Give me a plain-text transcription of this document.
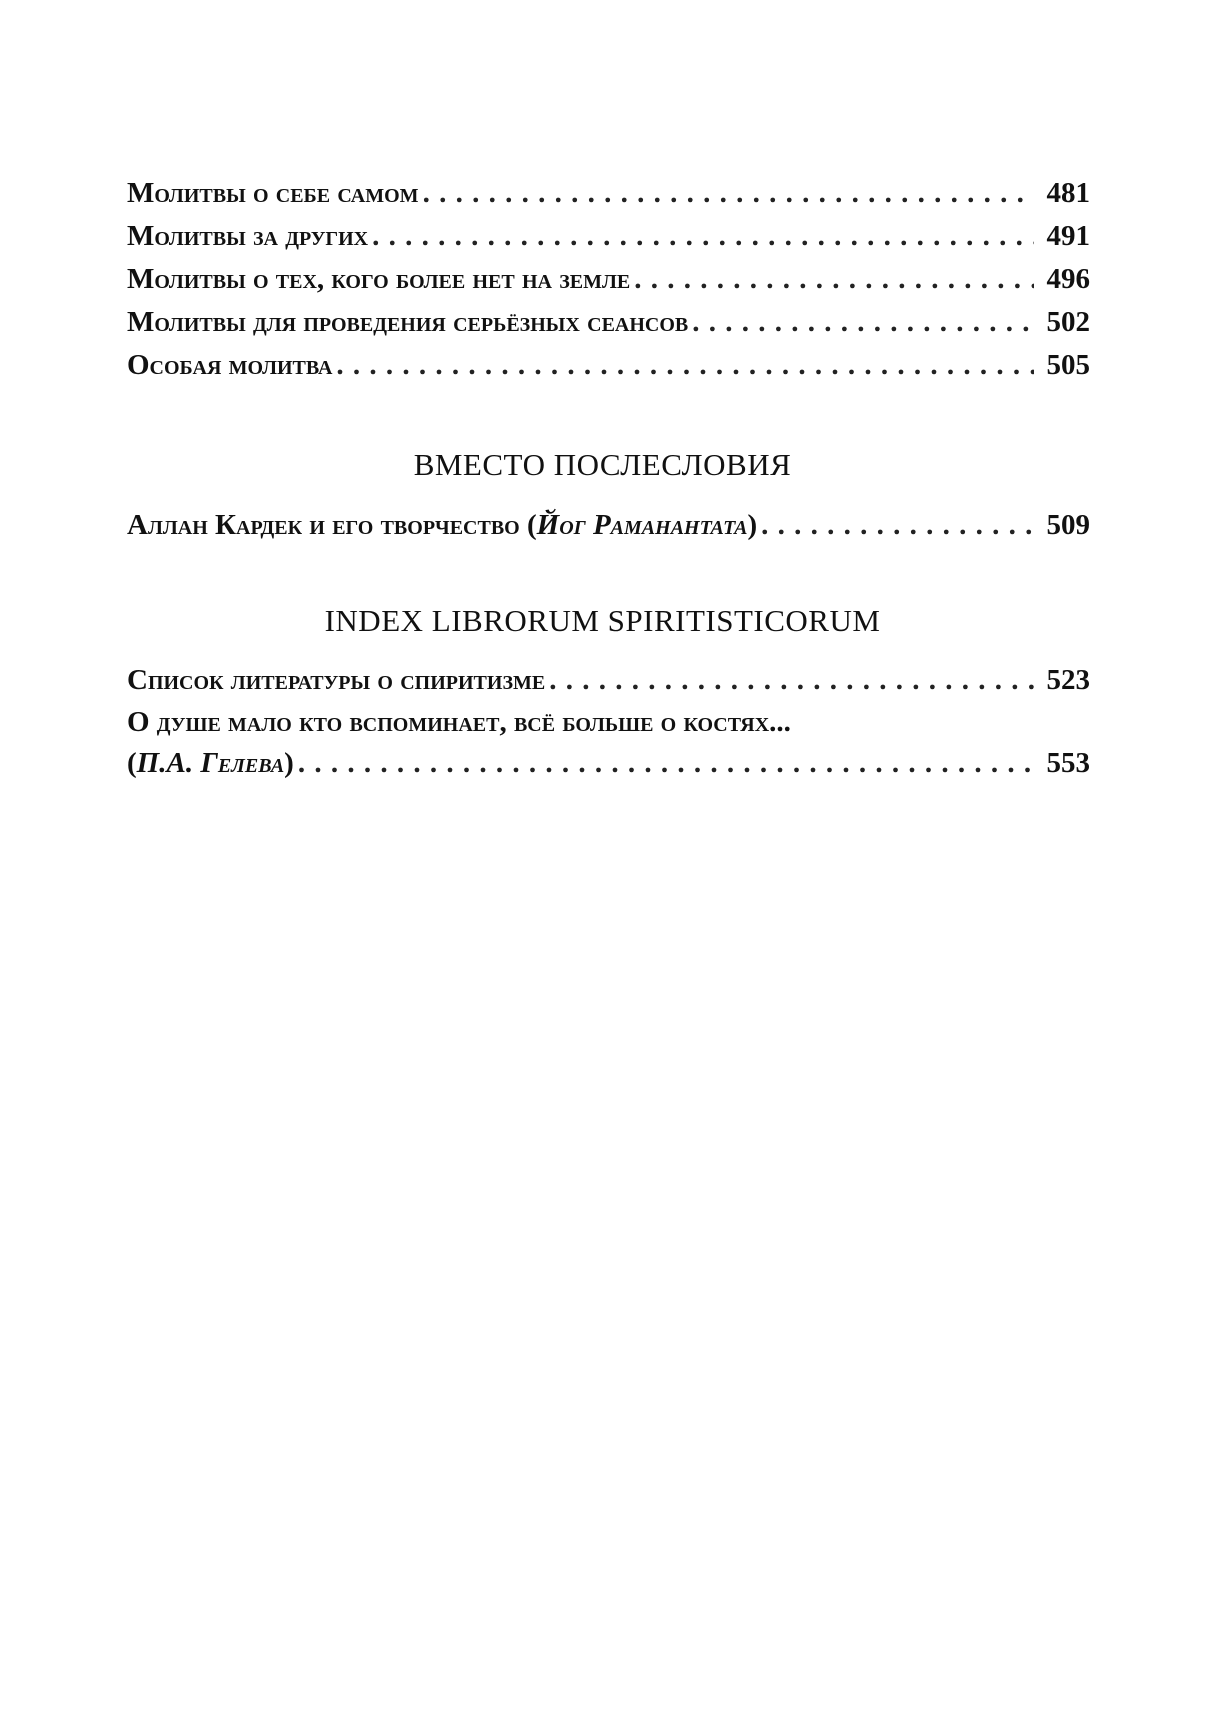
Молитвы о себе самом . . .	481
Молитвы за других . . .	491
Молитвы о тех, кого более нет на земле . . .	496
Молитвы для проведения серьёзных сеансов . . .	502
Особая молитва . . .	505
ВМЕСТО ПОСЛЕСЛОВИЯ
Аллан Кардек и его творчество (Йог Раманантата) . . .	509
INDEX LIBRORUM SPIRITISTICORUM
Список литературы о спиритизме . . .	523
О душе мало кто вспоминает, всё больше о костях...
(П.А. Гелева) . . .	553
